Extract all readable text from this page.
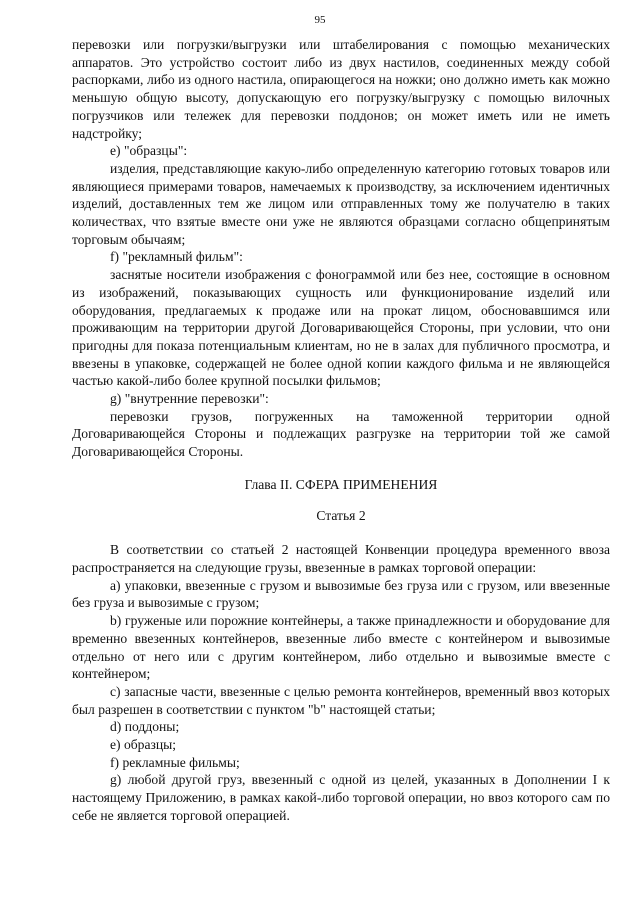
95

перевозки или погрузки/выгрузки или штабелирования с помощью механических аппаратов. Это устройство состоит либо из двух настилов, соединенных между собой распорками, либо из одного настила, опирающегося на ножки; оно должно иметь как можно меньшую общую высоту, допускающую его погрузку/выгрузку с помощью вилочных погрузчиков или тележек для перевозки поддонов; он может иметь или не иметь надстройку;

e) "образцы":

изделия, представляющие какую-либо определенную категорию готовых товаров или являющиеся примерами товаров, намечаемых к производству, за исключением идентичных изделий, доставленных тем же лицом или отправленных тому же получателю в таких количествах, что взятые вместе они уже не являются образцами согласно общепринятым торговым обычаям;

f) "рекламный фильм":

заснятые носители изображения с фонограммой или без нее, состоящие в основном из изображений, показывающих сущность или функционирование изделий или оборудования, предлагаемых к продаже или на прокат лицом, обосновавшимся или проживающим на территории другой Договаривающейся Стороны, при условии, что они пригодны для показа потенциальным клиентам, но не в залах для публичного просмотра, и ввезены в упаковке, содержащей не более одной копии каждого фильма и не являющейся частью какой-либо более крупной посылки фильмов;

g) "внутренние перевозки":

перевозки грузов, погруженных на таможенной территории одной Договаривающейся Стороны и подлежащих разгрузке на территории той же самой Договаривающейся Стороны.

Глава II. СФЕРА ПРИМЕНЕНИЯ

Статья 2

В соответствии со статьей 2 настоящей Конвенции процедура временного ввоза распространяется на следующие грузы, ввезенные в рамках торговой операции:

a) упаковки, ввезенные с грузом и вывозимые без груза или с грузом, или ввезенные без груза и вывозимые с грузом;

b) груженые или порожние контейнеры, а также принадлежности и оборудование для временно ввезенных контейнеров, ввезенные либо вместе с контейнером и вывозимые отдельно от него или с другим контейнером, либо отдельно и вывозимые вместе с контейнером;

c) запасные части, ввезенные с целью ремонта контейнеров, временный ввоз которых был разрешен в соответствии с пунктом "b" настоящей статьи;

d) поддоны;

e) образцы;

f) рекламные фильмы;

g) любой другой груз, ввезенный с одной из целей, указанных в Дополнении I к настоящему Приложению, в рамках какой-либо торговой операции, но ввоз которого сам по себе не является торговой операцией.
